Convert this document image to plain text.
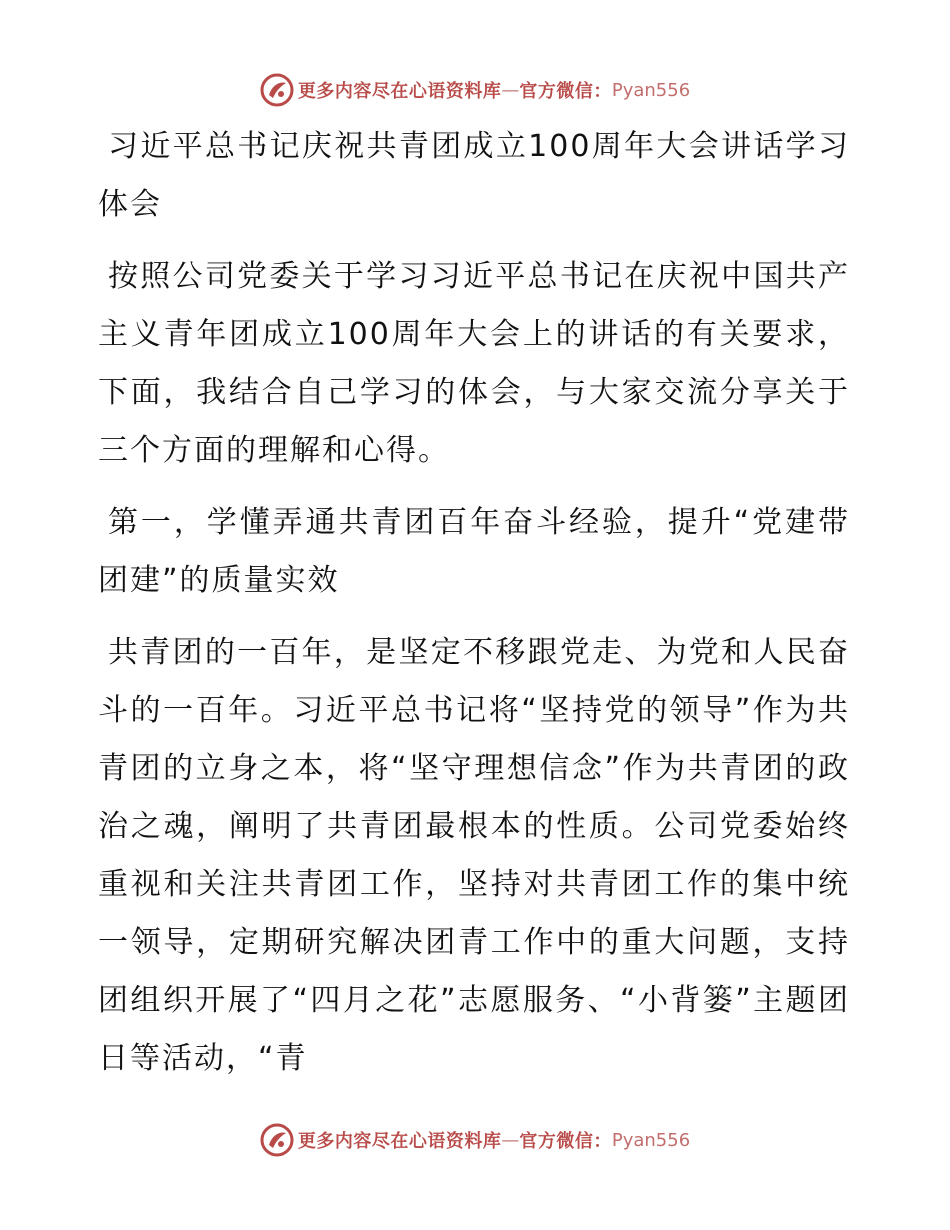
更多内容尽在心语资料库 — 官方微信： Pyan556

习近平总书记庆祝共青团成立100周年大会讲话学习体会

按照公司党委关于学习习近平总书记在庆祝中国共产主义青年团成立100周年大会上的讲话的有关要求，下面，我结合自己学习的体会，与大家交流分享关于三个方面的理解和心得。

第一，学懂弄通共青团百年奋斗经验，提升“党建带团建”的质量实效

共青团的一百年，是坚定不移跟党走、为党和人民奋斗的一百年。习近平总书记将“坚持党的领导”作为共青团的立身之本，将“坚守理想信念”作为共青团的政治之魂，阐明了共青团最根本的性质。公司党委始终重视和关注共青团工作，坚持对共青团工作的集中统一领导，定期研究解决团青工作中的重大问题，支持团组织开展了“四月之花”志愿服务、“小背篓”主题团日等活动，“青

更多内容尽在心语资料库 — 官方微信： Pyan556
